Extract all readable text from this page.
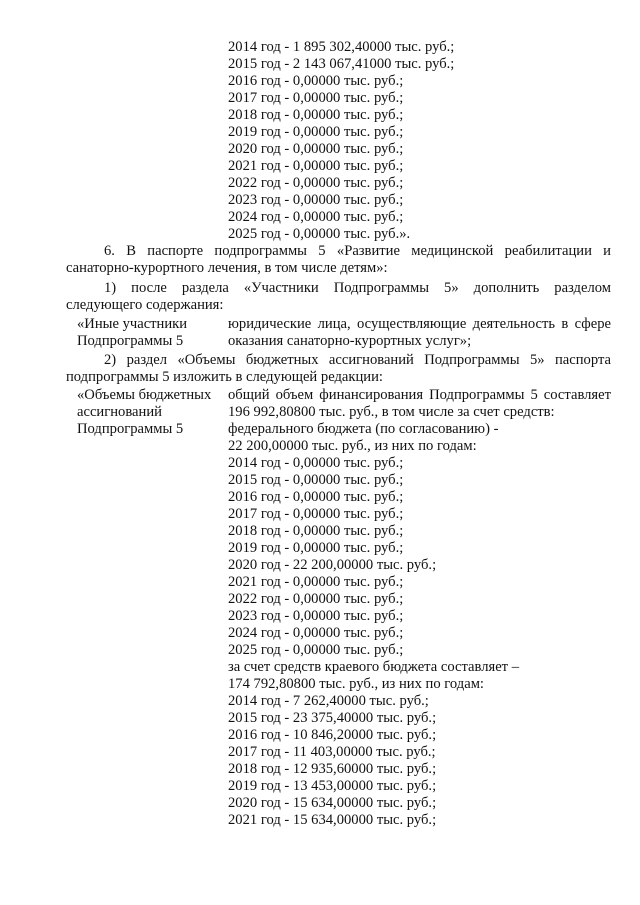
2014 год - 1 895 302,40000 тыс. руб.;
2015 год - 2 143 067,41000 тыс. руб.;
2016 год - 0,00000 тыс. руб.;
2017 год - 0,00000 тыс. руб.;
2018 год - 0,00000 тыс. руб.;
2019 год - 0,00000 тыс. руб.;
2020 год - 0,00000 тыс. руб.;
2021 год - 0,00000 тыс. руб.;
2022 год - 0,00000 тыс. руб.;
2023 год - 0,00000 тыс. руб.;
2024 год - 0,00000 тыс. руб.;
2025 год - 0,00000 тыс. руб.».
6. В паспорте подпрограммы 5 «Развитие медицинской реабилитации и
санаторно-курортного лечения, в том числе детям»:
1) после раздела «Участники Подпрограммы 5» дополнить разделом
следующего содержания:
«Иные участники
Подпрограммы 5
юридические лица, осуществляющие деятельность в сфере
оказания санаторно-курортных услуг»;
2) раздел «Объемы бюджетных ассигнований Подпрограммы 5» паспорта
подпрограммы 5 изложить в следующей редакции:
«Объемы бюджетных
ассигнований
Подпрограммы 5
общий объем финансирования Подпрограммы 5 составляет
196 992,80800 тыс. руб., в том числе за счет средств:
федерального бюджета (по согласованию) -
22 200,00000 тыс. руб., из них по годам:
2014 год - 0,00000 тыс. руб.;
2015 год - 0,00000 тыс. руб.;
2016 год - 0,00000 тыс. руб.;
2017 год - 0,00000 тыс. руб.;
2018 год - 0,00000 тыс. руб.;
2019 год - 0,00000 тыс. руб.;
2020 год - 22 200,00000 тыс. руб.;
2021 год - 0,00000 тыс. руб.;
2022 год - 0,00000 тыс. руб.;
2023 год - 0,00000 тыс. руб.;
2024 год - 0,00000 тыс. руб.;
2025 год - 0,00000 тыс. руб.;
за счет средств краевого бюджета составляет –
174 792,80800 тыс. руб., из них по годам:
2014 год - 7 262,40000 тыс. руб.;
2015 год - 23 375,40000 тыс. руб.;
2016 год - 10 846,20000 тыс. руб.;
2017 год - 11 403,00000 тыс. руб.;
2018 год - 12 935,60000 тыс. руб.;
2019 год - 13 453,00000 тыс. руб.;
2020 год - 15 634,00000 тыс. руб.;
2021 год - 15 634,00000 тыс. руб.;
